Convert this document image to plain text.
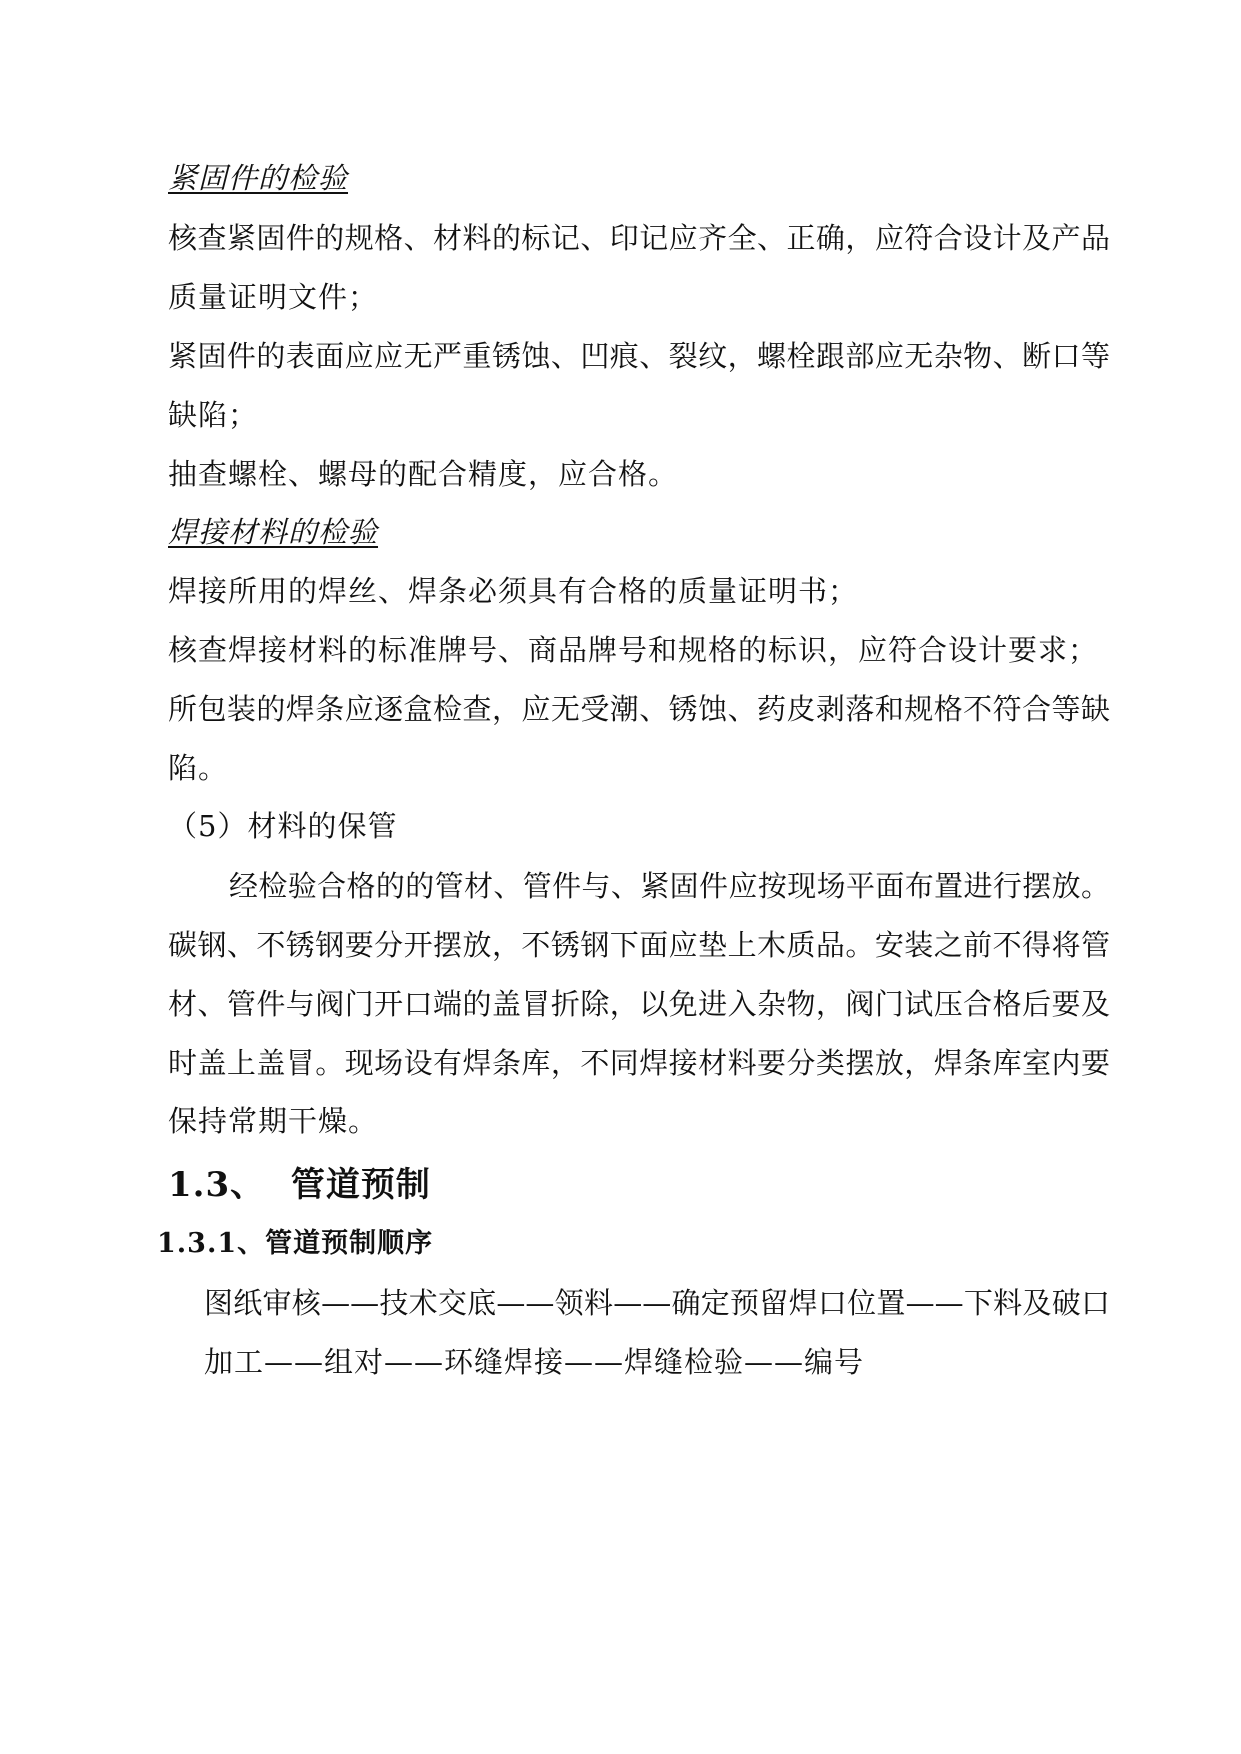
紧固件的检验
核查紧固件的规格、材料的标记、印记应齐全、正确，应符合设计及产品
质量证明文件；
紧固件的表面应应无严重锈蚀、凹痕、裂纹，螺栓跟部应无杂物、断口等
缺陷；
抽查螺栓、螺母的配合精度，应合格。
焊接材料的检验
焊接所用的焊丝、焊条必须具有合格的质量证明书；
核查焊接材料的标准牌号、商品牌号和规格的标识，应符合设计要求；
所包装的焊条应逐盒检查，应无受潮、锈蚀、药皮剥落和规格不符合等缺
陷。
（5）材料的保管
经检验合格的的管材、管件与、紧固件应按现场平面布置进行摆放。
碳钢、不锈钢要分开摆放，不锈钢下面应垫上木质品。安装之前不得将管
材、管件与阀门开口端的盖冒折除，以免进入杂物，阀门试压合格后要及
时盖上盖冒。现场设有焊条库，不同焊接材料要分类摆放，焊条库室内要
保持常期干燥。
1.3、  管道预制
1.3.1、管道预制顺序
图纸审核——技术交底——领料——确定预留焊口位置——下料及破口
加工——组对——环缝焊接——焊缝检验——编号
